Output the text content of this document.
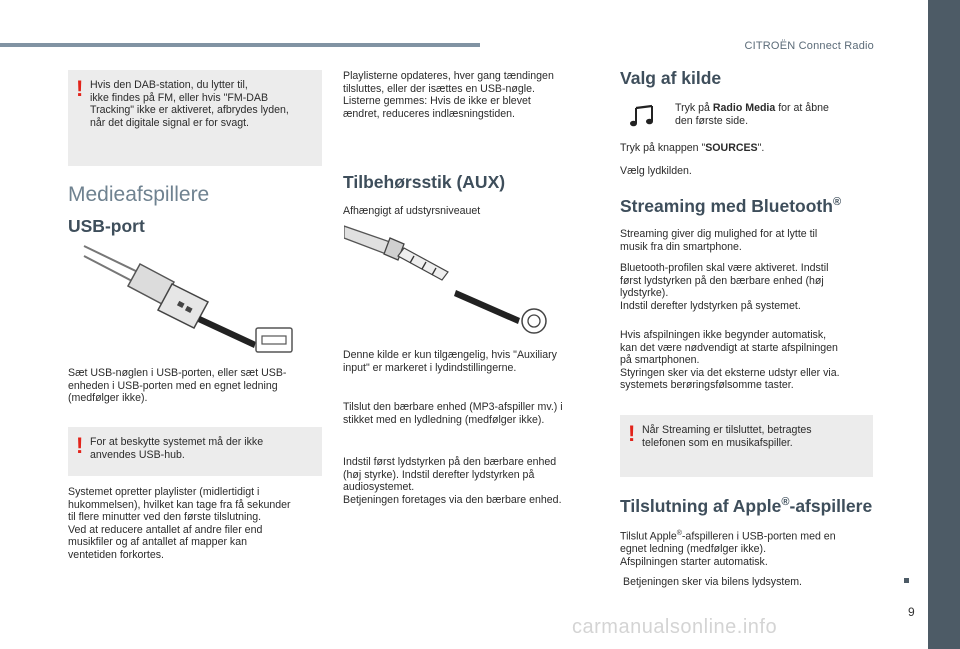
CITROËN Connect Radio
9
! Hvis den DAB-station, du lytter til,
ikke findes på FM, eller hvis "FM-DAB
Tracking" ikke er aktiveret, afbrydes lyden,
når det digitale signal er for svagt.
Medieafspillere
USB-port
Sæt USB-nøglen i USB-porten, eller sæt USB-
enheden i USB-porten med en egnet ledning
(medfølger ikke).
! For at beskytte systemet må der ikke
anvendes USB-hub.
Systemet opretter playlister (midlertidigt i
hukommelsen), hvilket kan tage fra få sekunder
til flere minutter ved den første tilslutning.
Ved at reducere antallet af andre filer end
musikfiler og af antallet af mapper kan
ventetiden forkortes.
Playlisterne opdateres, hver gang tændingen
tilsluttes, eller der isættes en USB-nøgle.
Listerne gemmes: Hvis de ikke er blevet
ændret, reduceres indlæsningstiden.
Tilbehørsstik (AUX)
Afhængigt af udstyrsniveauet
Denne kilde er kun tilgængelig, hvis "Auxiliary
input" er markeret i lydindstillingerne.
Tilslut den bærbare enhed (MP3-afspiller mv.) i
stikket med en lydledning (medfølger ikke).
Indstil først lydstyrken på den bærbare enhed
(høj styrke). Indstil derefter lydstyrken på
audiosystemet.
Betjeningen foretages via den bærbare enhed.
Valg af kilde
Tryk på Radio Media for at åbne
den første side.
Tryk på knappen "SOURCES".
Vælg lydkilden.
Streaming med Bluetooth®
Streaming giver dig mulighed for at lytte til
musik fra din smartphone.
Bluetooth-profilen skal være aktiveret. Indstil
først lydstyrken på den bærbare enhed (høj
lydstyrke).
Indstil derefter lydstyrken på systemet.
Hvis afspilningen ikke begynder automatisk,
kan det være nødvendigt at starte afspilningen
på smartphonen.
Styringen sker via det eksterne udstyr eller via.
systemets berøringsfølsomme taster.
! Når Streaming er tilsluttet, betragtes
telefonen som en musikafspiller.
Tilslutning af Apple®-afspillere
Tilslut Apple®-afspilleren i USB-porten med en
egnet ledning (medfølger ikke).
Afspilningen starter automatisk.
Betjeningen sker via bilens lydsystem.
carmanualsonline.info
